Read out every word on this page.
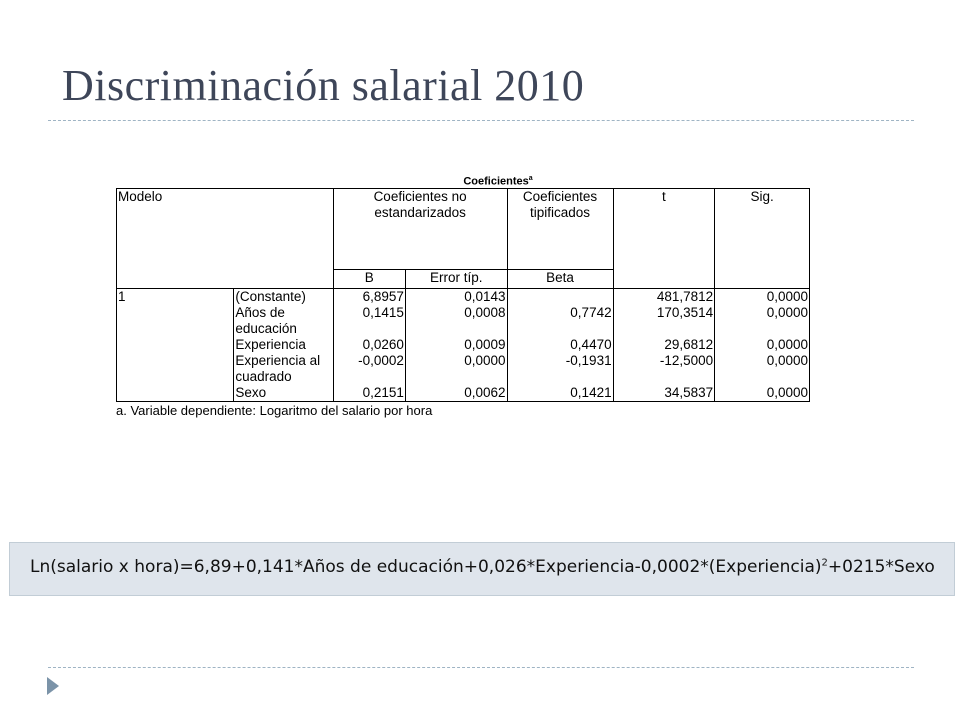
Discriminación salarial 2010
Coeficientes$^a$
Modelo		Coeficientes no estandarizados		Coeficientes tipificados	t	Sig.
		B	Error típ.	Beta		
1	(Constante)	6,8957	0,0143		481,7812	0,0000
	Años de educación	0,1415	0,0008	0,7742	170,3514	0,0000
	Experiencia	0,0260	0,0009	0,4470	29,6812	0,0000
	Experiencia al cuadrado	-0,0002	0,0000	-0,1931	-12,5000	0,0000
	Sexo	0,2151	0,0062	0,1421	34,5837	0,0000
a. Variable dependiente: Logaritmo del salario por hora
Ln(salario x hora)=6,89+0,141*Años de educación+0,026*Experiencia-0,0002*(Experiencia)$^2$+0215*Sexo
